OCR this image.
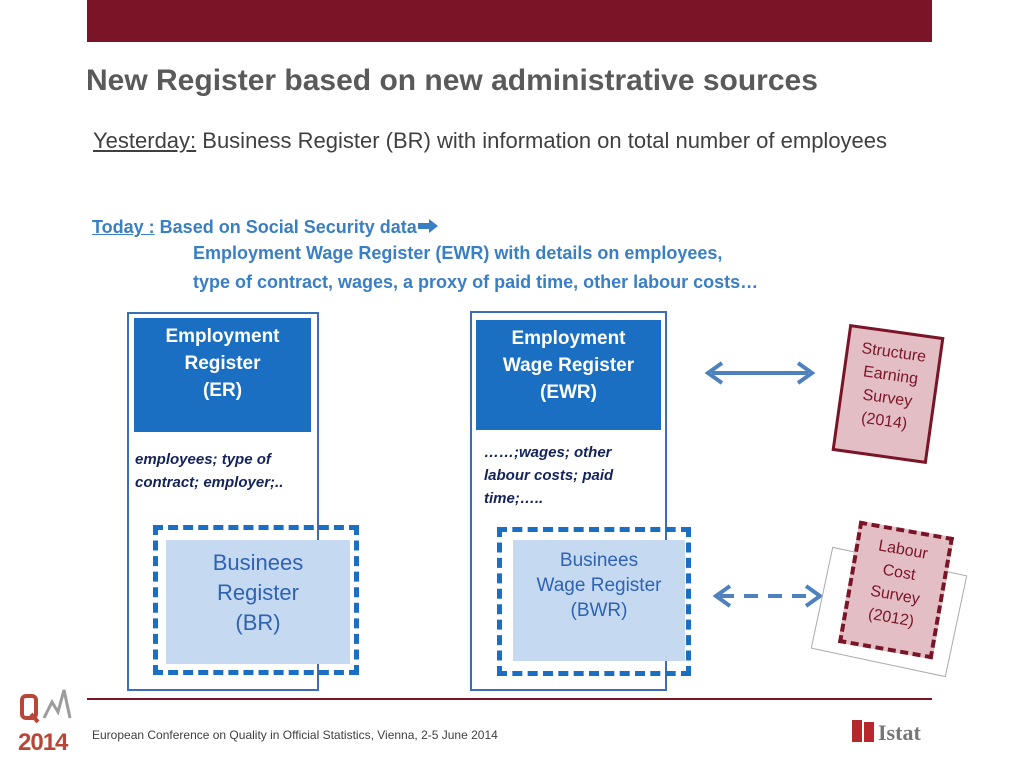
New Register based on new administrative sources
Yesterday: Business Register (BR) with information on total number of employees
Today : Based on Social Security data
Employment Wage Register (EWR) with details on employees,
type of contract, wages, a proxy of paid time, other labour costs…
Employment
Register
(ER)
employees; type of
contract; employer;..
Businees
Register
(BR)
Employment
Wage Register
(EWR)
……;wages; other
labour costs; paid
time;…..
Businees
Wage Register
(BWR)
Structure
Earning
Survey
(2014)
Labour
Cost
Survey
(2012)
2014 European Conference on Quality in Official Statistics, Vienna, 2-5 June 2014	Istat
